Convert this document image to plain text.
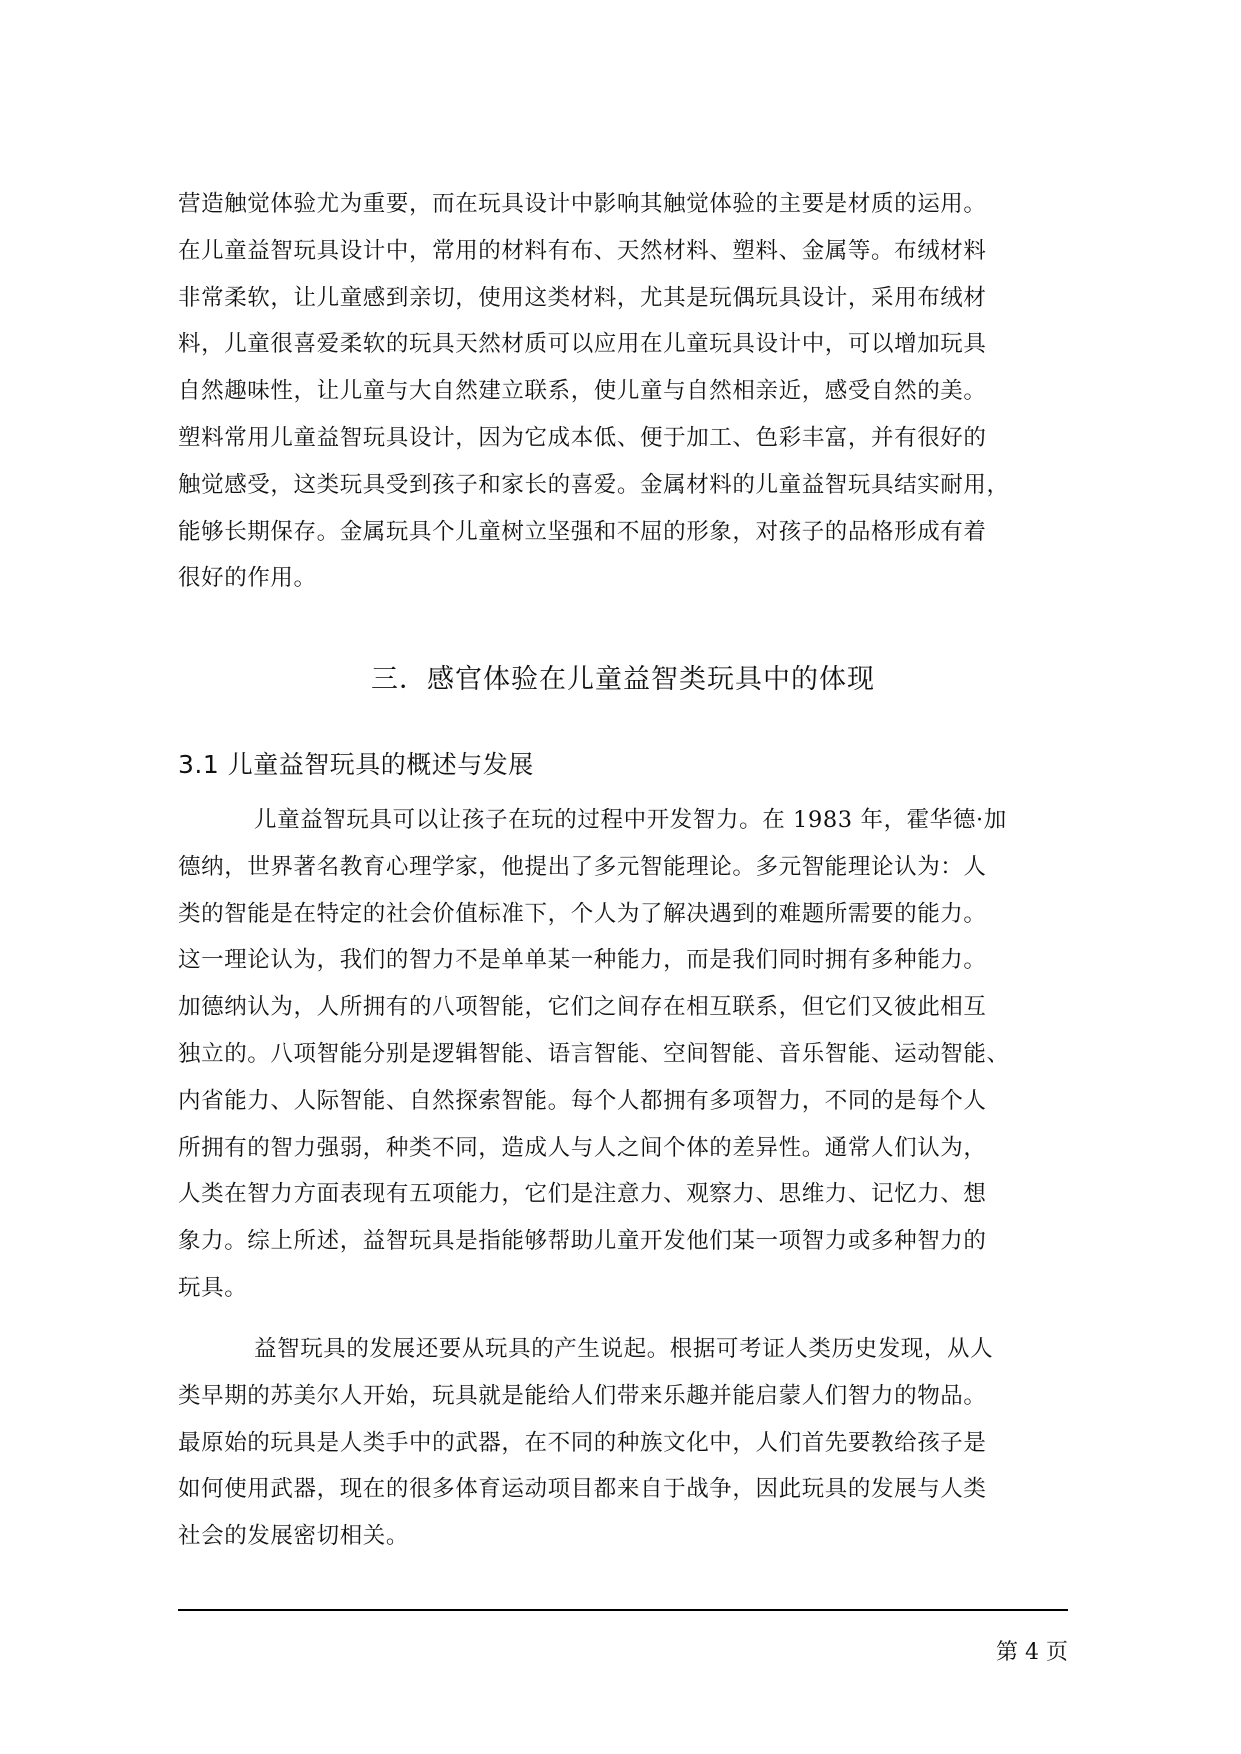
营造触觉体验尤为重要，而在玩具设计中影响其触觉体验的主要是材质的运用。
在儿童益智玩具设计中，常用的材料有布、天然材料、塑料、金属等。布绒材料
非常柔软，让儿童感到亲切，使用这类材料，尤其是玩偶玩具设计，采用布绒材
料，儿童很喜爱柔软的玩具天然材质可以应用在儿童玩具设计中，可以增加玩具
自然趣味性，让儿童与大自然建立联系，使儿童与自然相亲近，感受自然的美。
塑料常用儿童益智玩具设计，因为它成本低、便于加工、色彩丰富，并有很好的
触觉感受，这类玩具受到孩子和家长的喜爱。金属材料的儿童益智玩具结实耐用，
能够长期保存。金属玩具个儿童树立坚强和不屈的形象，对孩子的品格形成有着
很好的作用。
三．感官体验在儿童益智类玩具中的体现
3.1 儿童益智玩具的概述与发展
儿童益智玩具可以让孩子在玩的过程中开发智力。在 1983 年，霍华德·加
德纳，世界著名教育心理学家，他提出了多元智能理论。多元智能理论认为：人
类的智能是在特定的社会价值标准下，个人为了解决遇到的难题所需要的能力。
这一理论认为，我们的智力不是单单某一种能力，而是我们同时拥有多种能力。
加德纳认为，人所拥有的八项智能，它们之间存在相互联系，但它们又彼此相互
独立的。八项智能分别是逻辑智能、语言智能、空间智能、音乐智能、运动智能、
内省能力、人际智能、自然探索智能。每个人都拥有多项智力，不同的是每个人
所拥有的智力强弱，种类不同，造成人与人之间个体的差异性。通常人们认为，
人类在智力方面表现有五项能力，它们是注意力、观察力、思维力、记忆力、想
象力。综上所述，益智玩具是指能够帮助儿童开发他们某一项智力或多种智力的
玩具。
益智玩具的发展还要从玩具的产生说起。根据可考证人类历史发现，从人
类早期的苏美尔人开始，玩具就是能给人们带来乐趣并能启蒙人们智力的物品。
最原始的玩具是人类手中的武器，在不同的种族文化中，人们首先要教给孩子是
如何使用武器，现在的很多体育运动项目都来自于战争，因此玩具的发展与人类
社会的发展密切相关。
第 4 页
